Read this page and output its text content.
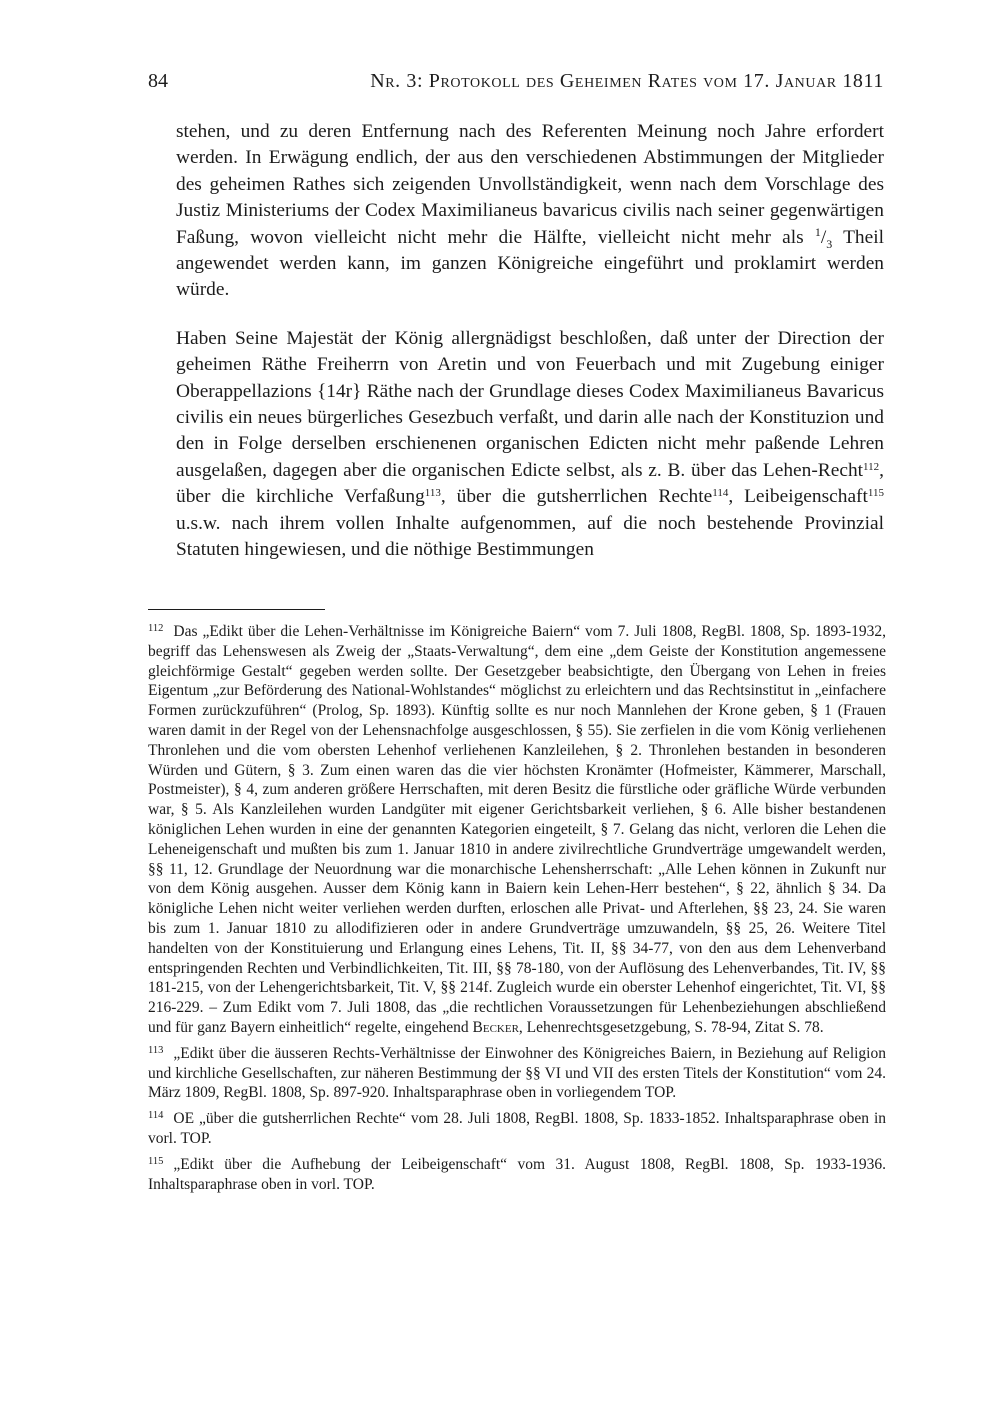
84	Nr. 3: Protokoll des Geheimen Rates vom 17. Januar 1811

stehen, und zu deren Entfernung nach des Referenten Meinung noch Jahre erfordert werden. In Erwägung endlich, der aus den verschiedenen Abstimmungen der Mitglieder des geheimen Rathes sich zeigenden Unvollständigkeit, wenn nach dem Vorschlage des Justiz Ministeriums der Codex Maximilianeus bavaricus civilis nach seiner gegenwärtigen Faßung, wovon vielleicht nicht mehr die Hälfte, vielleicht nicht mehr als $^1/_3$ Theil angewendet werden kann, im ganzen Königreiche eingeführt und proklamirt werden würde.

Haben Seine Majestät der König allergnädigst beschloßen, daß unter der Direction der geheimen Räthe Freiherrn von Aretin und von Feuerbach und mit Zugebung einiger Oberappellazions {14r} Räthe nach der Grundlage dieses Codex Maximilianeus Bavaricus civilis ein neues bürgerliches Gesezbuch verfaßt, und darin alle nach der Konstituzion und den in Folge derselben erschienenen organischen Edicten nicht mehr paßende Lehren ausgelaßen, dagegen aber die organischen Edicte selbst, als z. B. über das Lehen-Recht$^{112}$, über die kirchliche Verfaßung$^{113}$, über die gutsherrlichen Rechte$^{114}$, Leibeigenschaft$^{115}$ u.s.w. nach ihrem vollen Inhalte aufgenommen, auf die noch bestehende Provinzial Statuten hingewiesen, und die nöthige Bestimmungen

$^{112}$ Das „Edikt über die Lehen-Verhältnisse im Königreiche Baiern“ vom 7. Juli 1808, RegBl. 1808, Sp. 1893-1932, begriff das Lehenswesen als Zweig der „Staats-Verwaltung“, dem eine „dem Geiste der Konstitution angemessene gleichförmige Gestalt“ gegeben werden sollte. Der Gesetzgeber beabsichtigte, den Übergang von Lehen in freies Eigentum „zur Beförderung des National-Wohlstandes“ möglichst zu erleichtern und das Rechtsinstitut in „einfachere Formen zurückzuführen“ (Prolog, Sp. 1893). Künftig sollte es nur noch Mannlehen der Krone geben, § 1 (Frauen waren damit in der Regel von der Lehensnachfolge ausgeschlossen, § 55). Sie zerfielen in die vom König verliehenen Thronlehen und die vom obersten Lehenhof verliehenen Kanzleilehen, § 2. Thronlehen bestanden in besonderen Würden und Gütern, § 3. Zum einen waren das die vier höchsten Kronämter (Hofmeister, Kämmerer, Marschall, Postmeister), § 4, zum anderen größere Herrschaften, mit deren Besitz die fürstliche oder gräfliche Würde verbunden war, § 5. Als Kanzleilehen wurden Landgüter mit eigener Gerichtsbarkeit verliehen, § 6. Alle bisher bestandenen königlichen Lehen wurden in eine der genannten Kategorien eingeteilt, § 7. Gelang das nicht, verloren die Lehen die Leheneigenschaft und mußten bis zum 1. Januar 1810 in andere zivilrechtliche Grundverträge umgewandelt werden, §§ 11, 12. Grundlage der Neuordnung war die monarchische Lehensherrschaft: „Alle Lehen können in Zukunft nur von dem König ausgehen. Ausser dem König kann in Baiern kein Lehen-Herr bestehen“, § 22, ähnlich § 34. Da königliche Lehen nicht weiter verliehen werden durften, erloschen alle Privat- und Afterlehen, §§ 23, 24. Sie waren bis zum 1. Januar 1810 zu allodifizieren oder in andere Grundverträge umzuwandeln, §§ 25, 26. Weitere Titel handelten von der Konstituierung und Erlangung eines Lehens, Tit. II, §§ 34-77, von den aus dem Lehenverband entspringenden Rechten und Verbindlichkeiten, Tit. III, §§ 78-180, von der Auflösung des Lehenverbandes, Tit. IV, §§ 181-215, von der Lehengerichtsbarkeit, Tit. V, §§ 214f. Zugleich wurde ein oberster Lehenhof eingerichtet, Tit. VI, §§ 216-229. – Zum Edikt vom 7. Juli 1808, das „die rechtlichen Voraussetzungen für Lehenbeziehungen abschließend und für ganz Bayern einheitlich“ regelte, eingehend Becker, Lehenrechtsgesetzgebung, S. 78-94, Zitat S. 78.

$^{113}$ „Edikt über die äusseren Rechts-Verhältnisse der Einwohner des Königreiches Baiern, in Beziehung auf Religion und kirchliche Gesellschaften, zur näheren Bestimmung der §§ VI und VII des ersten Titels der Konstitution“ vom 24. März 1809, RegBl. 1808, Sp. 897-920. Inhaltsparaphrase oben in vorliegendem TOP.

$^{114}$ OE „über die gutsherrlichen Rechte“ vom 28. Juli 1808, RegBl. 1808, Sp. 1833-1852. Inhaltsparaphrase oben in vorl. TOP.

$^{115}$ „Edikt über die Aufhebung der Leibeigenschaft“ vom 31. August 1808, RegBl. 1808, Sp. 1933-1936. Inhaltsparaphrase oben in vorl. TOP.
